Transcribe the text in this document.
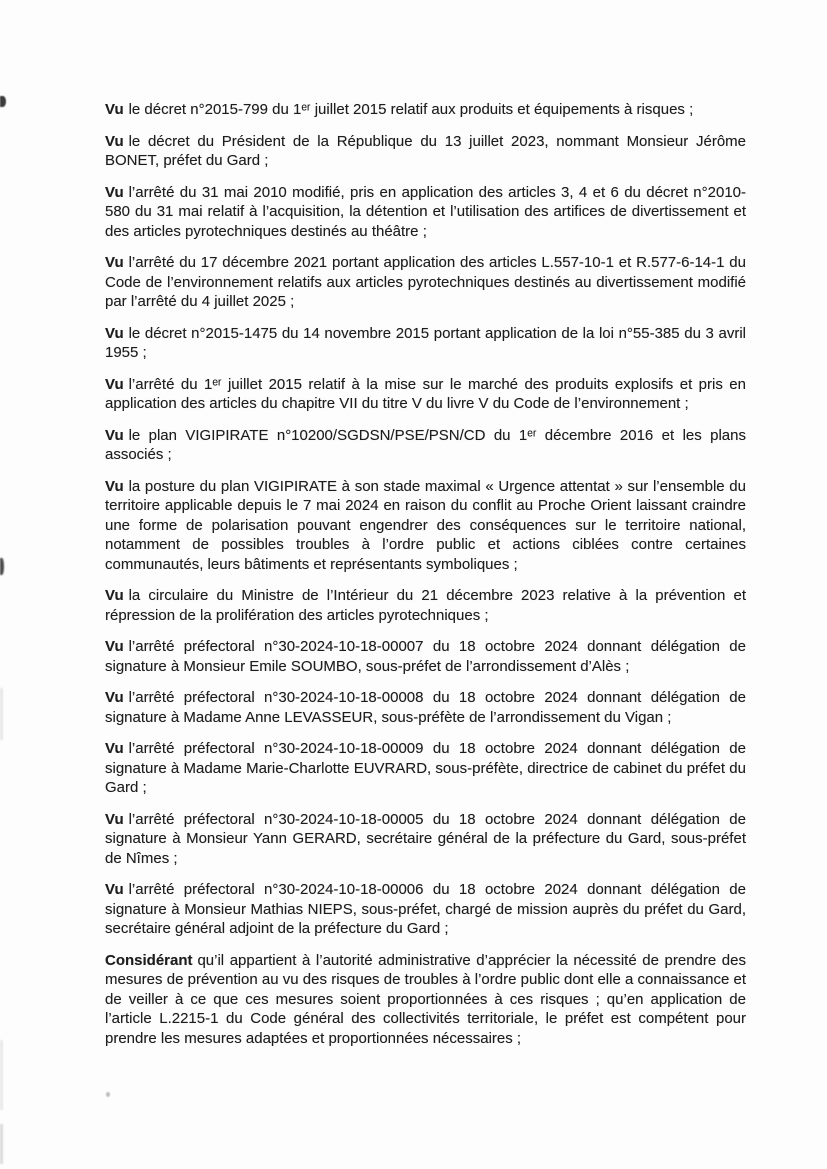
Vu le décret n°2015-799 du 1ᵉʳ juillet 2015 relatif aux produits et équipements à risques ;

Vu le décret du Président de la République du 13 juillet 2023, nommant Monsieur Jérôme BONET, préfet du Gard ;

Vu l’arrêté du 31 mai 2010 modifié, pris en application des articles 3, 4 et 6 du décret n°2010-580 du 31 mai relatif à l’acquisition, la détention et l’utilisation des artifices de divertissement et des articles pyrotechniques destinés au théâtre ;

Vu l’arrêté du 17 décembre 2021 portant application des articles L.557-10-1 et R.577-6-14-1 du Code de l’environnement relatifs aux articles pyrotechniques destinés au divertissement modifié par l’arrêté du 4 juillet 2025 ;

Vu le décret n°2015-1475 du 14 novembre 2015 portant application de la loi n°55-385 du 3 avril 1955 ;

Vu l’arrêté du 1ᵉʳ juillet 2015 relatif à la mise sur le marché des produits explosifs et pris en application des articles du chapitre VII du titre V du livre V du Code de l’environnement ;

Vu le plan VIGIPIRATE n°10200/SGDSN/PSE/PSN/CD du 1ᵉʳ décembre 2016 et les plans associés ;

Vu la posture du plan VIGIPIRATE à son stade maximal « Urgence attentat » sur l’ensemble du territoire applicable depuis le 7 mai 2024 en raison du conflit au Proche Orient laissant craindre une forme de polarisation pouvant engendrer des conséquences sur le territoire national, notamment de possibles troubles à l’ordre public et actions ciblées contre certaines communautés, leurs bâtiments et représentants symboliques ;

Vu la circulaire du Ministre de l’Intérieur du 21 décembre 2023 relative à la prévention et répression de la prolifération des articles pyrotechniques ;

Vu l’arrêté préfectoral n°30-2024-10-18-00007 du 18 octobre 2024 donnant délégation de signature à Monsieur Emile SOUMBO, sous-préfet de l’arrondissement d’Alès ;

Vu l’arrêté préfectoral n°30-2024-10-18-00008 du 18 octobre 2024 donnant délégation de signature à Madame Anne LEVASSEUR, sous-préfète de l’arrondissement du Vigan ;

Vu l’arrêté préfectoral n°30-2024-10-18-00009 du 18 octobre 2024 donnant délégation de signature à Madame Marie-Charlotte EUVRARD, sous-préfète, directrice de cabinet du préfet du Gard ;

Vu l’arrêté préfectoral n°30-2024-10-18-00005 du 18 octobre 2024 donnant délégation de signature à Monsieur Yann GERARD, secrétaire général de la préfecture du Gard, sous-préfet de Nîmes ;

Vu l’arrêté préfectoral n°30-2024-10-18-00006 du 18 octobre 2024 donnant délégation de signature à Monsieur Mathias NIEPS, sous-préfet, chargé de mission auprès du préfet du Gard, secrétaire général adjoint de la préfecture du Gard ;

Considérant qu’il appartient à l’autorité administrative d’apprécier la nécessité de prendre des mesures de prévention au vu des risques de troubles à l’ordre public dont elle a connaissance et de veiller à ce que ces mesures soient proportionnées à ces risques ; qu’en application de l’article L.2215-1 du Code général des collectivités territoriale, le préfet est compétent pour prendre les mesures adaptées et proportionnées nécessaires ;
